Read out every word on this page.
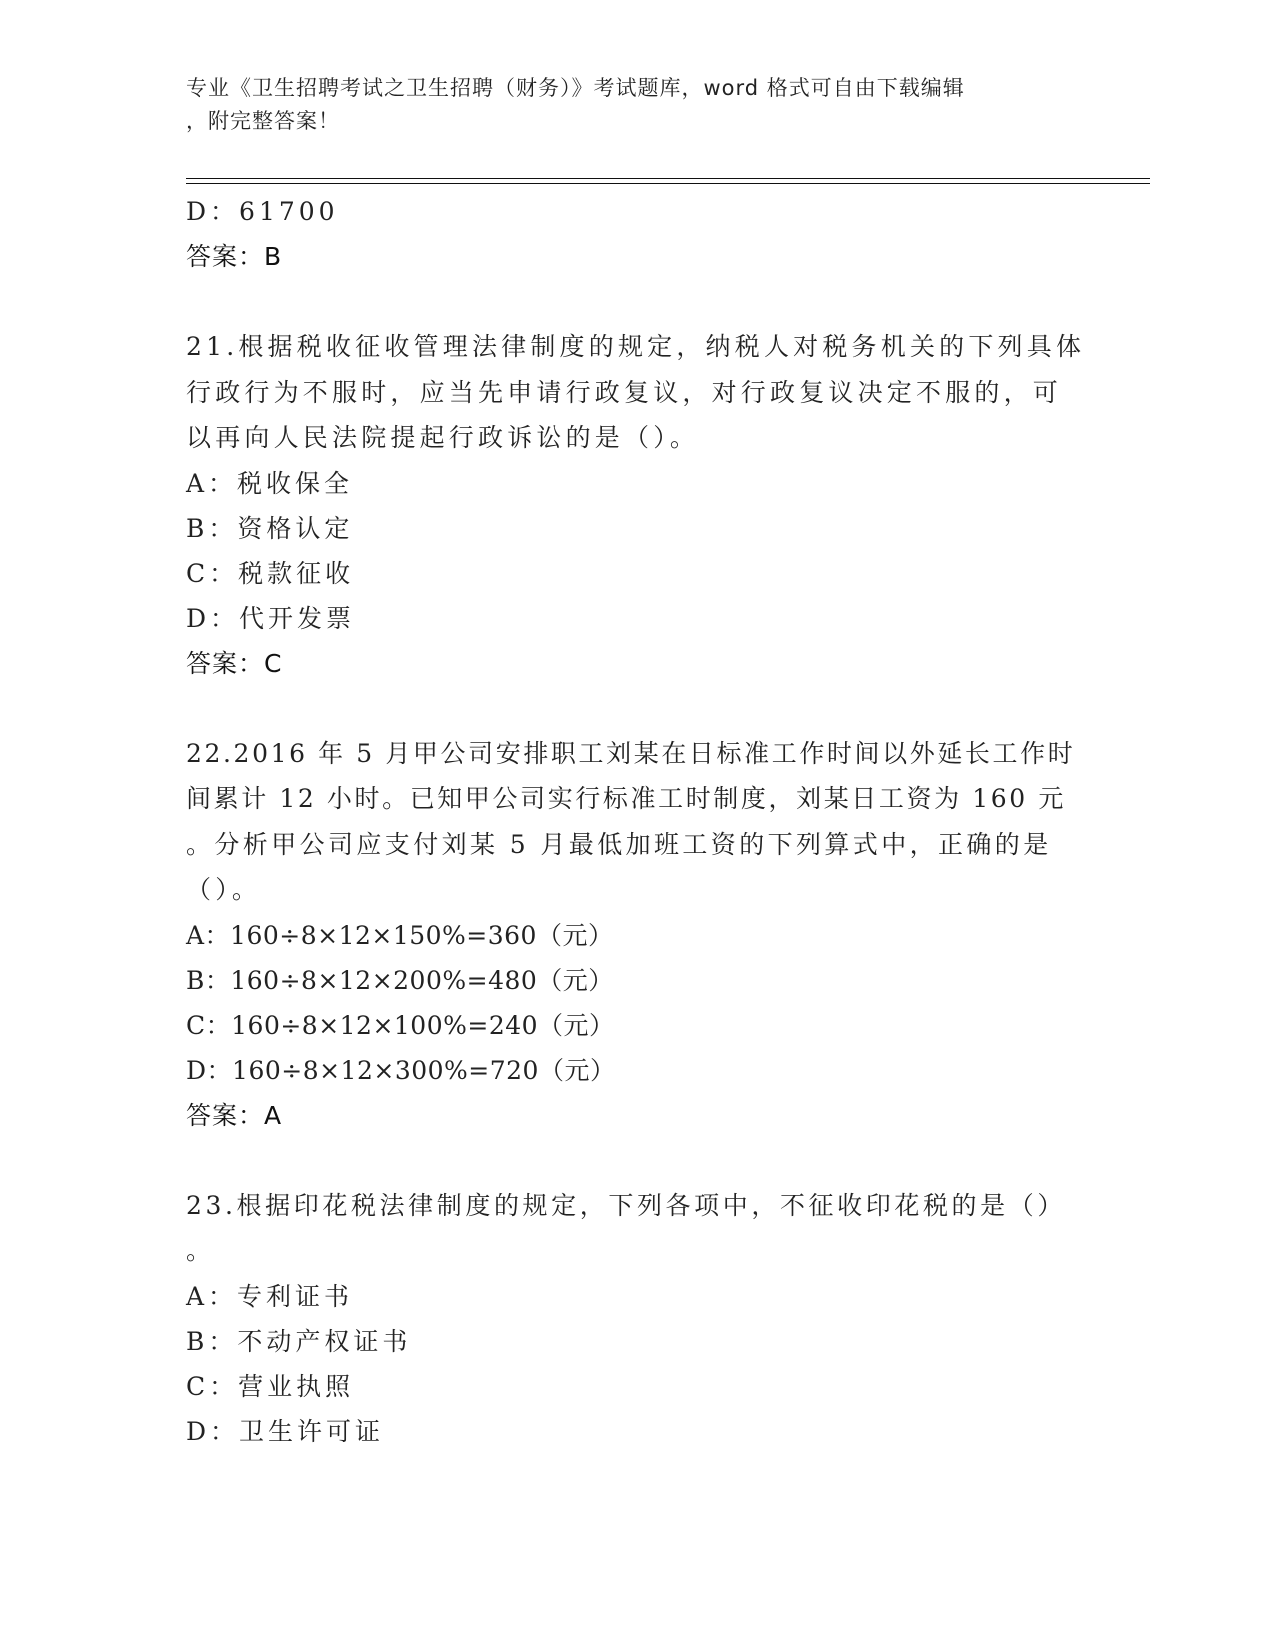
专业《卫生招聘考试之卫生招聘（财务）》考试题库，word 格式可自由下载编辑
，附完整答案！
D：61700
答案：B
21.根据税收征收管理法律制度的规定，纳税人对税务机关的下列具体
行政行为不服时，应当先申请行政复议，对行政复议决定不服的，可
以再向人民法院提起行政诉讼的是（）。
A：税收保全
B：资格认定
C：税款征收
D：代开发票
答案：C
22.2016 年 5 月甲公司安排职工刘某在日标准工作时间以外延长工作时
间累计 12 小时。已知甲公司实行标准工时制度，刘某日工资为 160 元
。分析甲公司应支付刘某 5 月最低加班工资的下列算式中，正确的是
（）。
A：160÷8×12×150%=360（元）
B：160÷8×12×200%=480（元）
C：160÷8×12×100%=240（元）
D：160÷8×12×300%=720（元）
答案：A
23.根据印花税法律制度的规定，下列各项中，不征收印花税的是（）
。
A：专利证书
B：不动产权证书
C：营业执照
D：卫生许可证
